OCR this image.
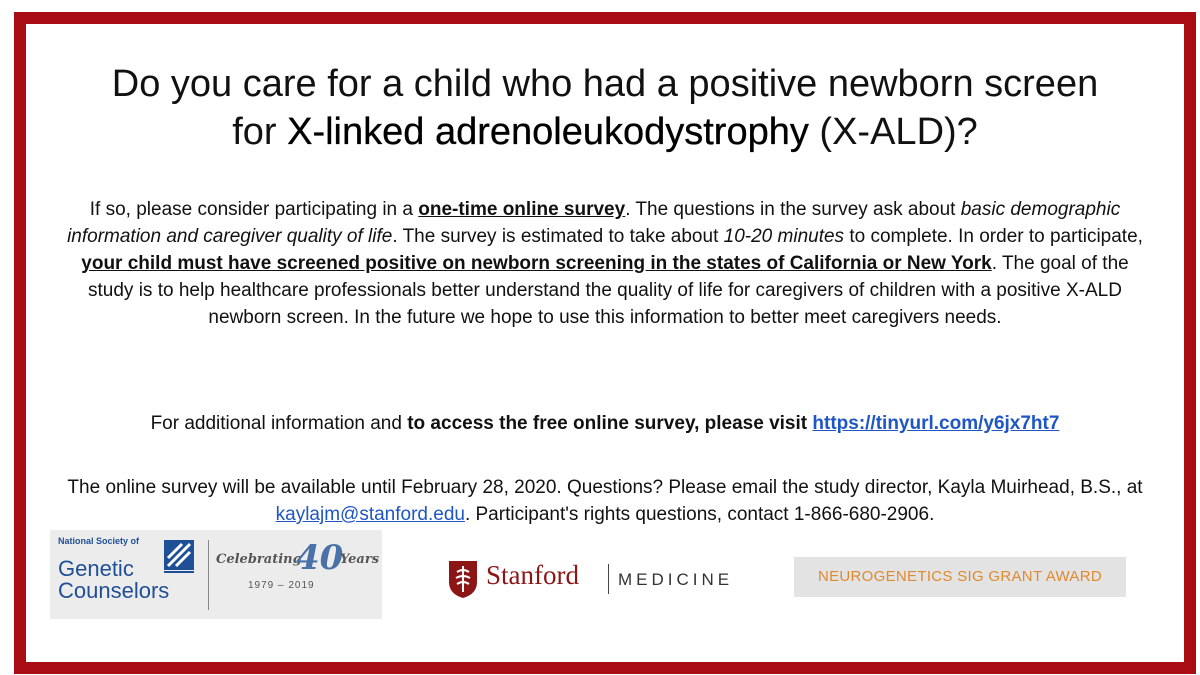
Do you care for a child who had a positive newborn screen
for X-linked adrenoleukodystrophy (X-ALD)?
If so, please consider participating in a one-time online survey. The questions in the survey ask about basic demographic information and caregiver quality of life. The survey is estimated to take about 10-20 minutes to complete. In order to participate, your child must have screened positive on newborn screening in the states of California or New York. The goal of the study is to help healthcare professionals better understand the quality of life for caregivers of children with a positive X-ALD newborn screen. In the future we hope to use this information to better meet caregivers needs.
For additional information and to access the free online survey, please visit https://tinyurl.com/y6jx7ht7
The online survey will be available until February 28, 2020. Questions? Please email the study director, Kayla Muirhead, B.S., at kaylajm@stanford.edu. Participant's rights questions, contact 1-866-680-2906.
National Society of
Genetic
Counselors
Celebrating
40
Years
1979 – 2019	Stanford MEDICINE	NEUROGENETICS SIG GRANT AWARD
